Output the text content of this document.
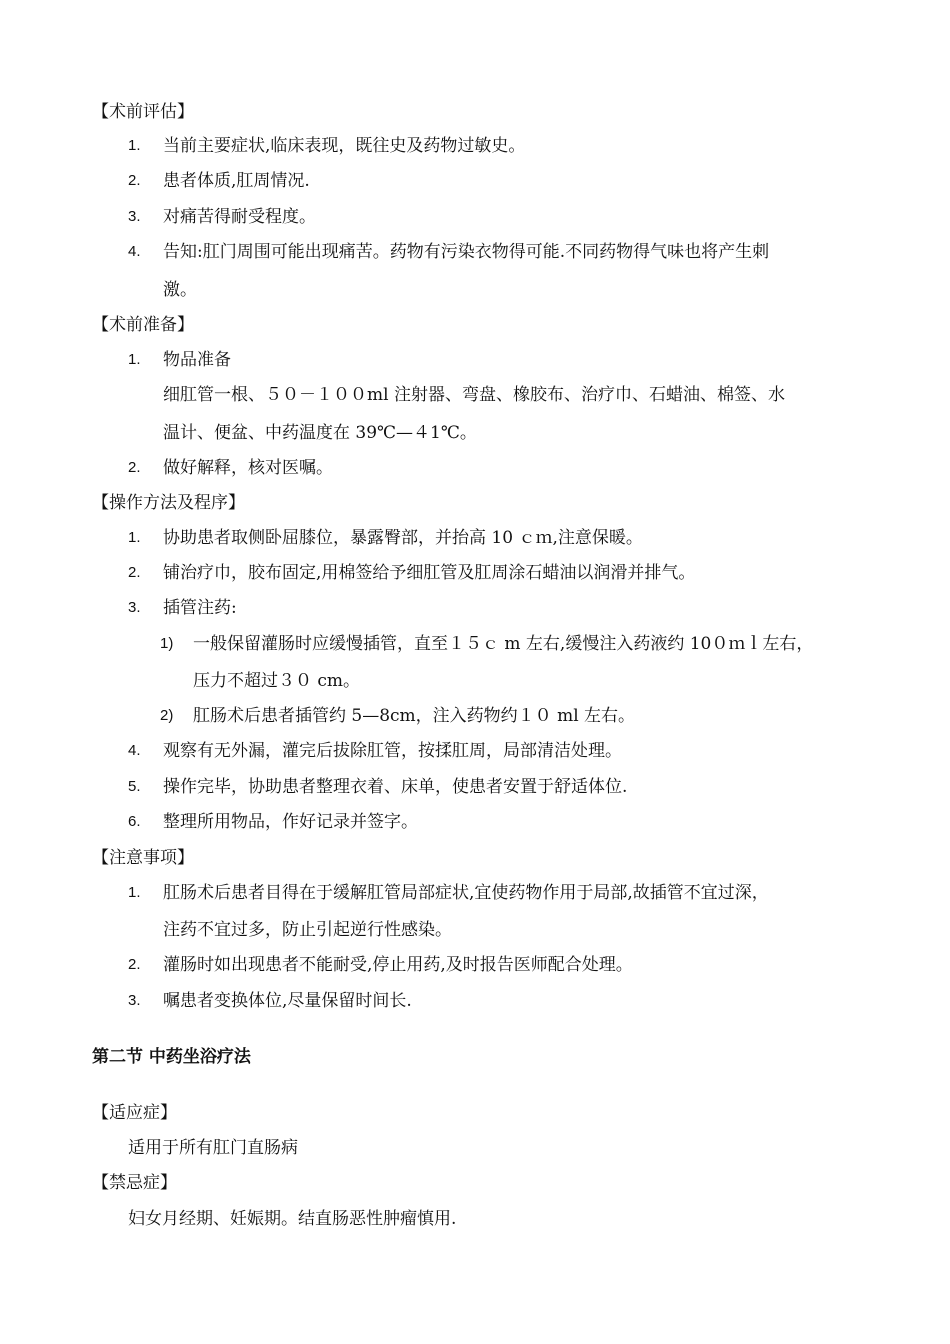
【术前评估】
1.	当前主要症状,临床表现，既往史及药物过敏史。
2.	患者体质,肛周情况.
3.	对痛苦得耐受程度。
4.	告知:肛门周围可能出现痛苦。药物有污染衣物得可能.不同药物得气味也将产生刺
激。
【术前准备】
1.	物品准备
细肛管一根、５０－１００ml 注射器、弯盘、橡胶布、治疗巾、石蜡油、棉签、水
温计、便盆、中药温度在 39℃—４1℃。
2.	做好解释，核对医嘱。
【操作方法及程序】
1.	协助患者取侧卧屈膝位，暴露臀部，并抬高 10 ｃｍ,注意保暖。
2.	铺治疗巾，胶布固定,用棉签给予细肛管及肛周涂石蜡油以润滑并排气。
3.	插管注药:
1) 一般保留灌肠时应缓慢插管，直至１５ｃ m 左右,缓慢注入药液约 10０ｍｌ左右，
压力不超过３０ cm。
2) 肛肠术后患者插管约 5—8cm，注入药物约１０ ml 左右。
4.	观察有无外漏，灌完后拔除肛管，按揉肛周，局部清洁处理。
5.	操作完毕，协助患者整理衣着、床单，使患者安置于舒适体位.
6.	整理所用物品，作好记录并签字。
【注意事项】
1.	肛肠术后患者目得在于缓解肛管局部症状,宜使药物作用于局部,故插管不宜过深，
注药不宜过多，防止引起逆行性感染。
2.	灌肠时如出现患者不能耐受,停止用药,及时报告医师配合处理。
3.	嘱患者变换体位,尽量保留时间长.
第二节 中药坐浴疗法
【适应症】
适用于所有肛门直肠病
【禁忌症】
妇女月经期、妊娠期。结直肠恶性肿瘤慎用.
